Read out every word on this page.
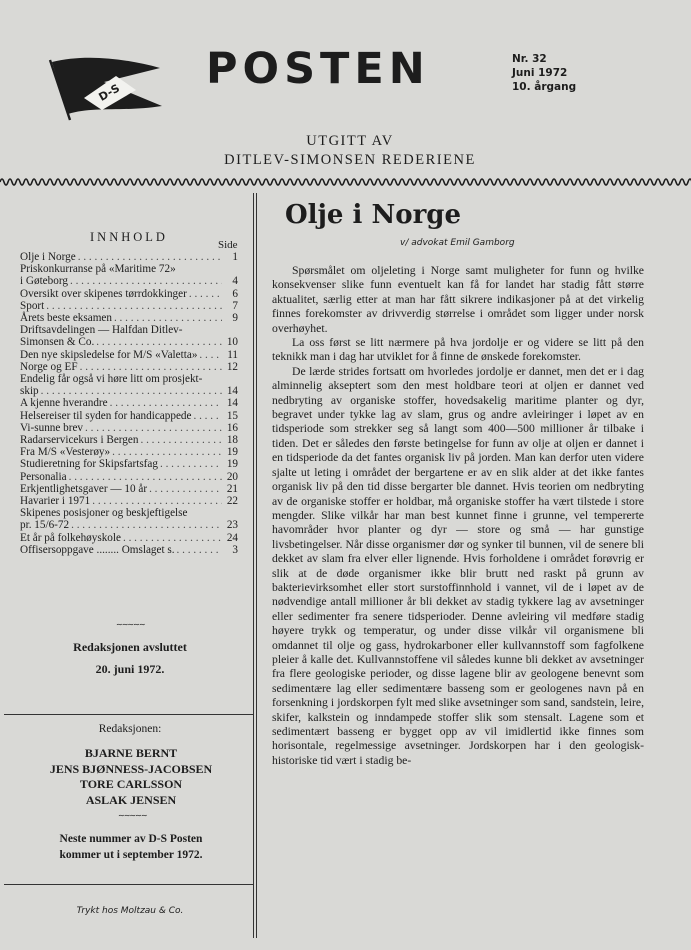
D-S POSTEN	Nr. 32
Juni 1972
10. årgang
UTGITT AV
DITLEV-SIMONSEN REDERIENE
INNHOLD
Side
Olje i Norge . . .	1
Priskonkurranse på «Maritime 72»
i Gøteborg . . .	4
Oversikt over skipenes tørrdokkinger . . .	6
Sport . . .	7
Årets beste eksamen . . .	9
Driftsavdelingen — Halfdan Ditlev-
Simonsen & Co. . . .	10
Den nye skipsledelse for M/S «Valetta» . . .	11
Norge og EF . . .	12
Endelig får også vi høre litt om prosjekt-
skip . . .	14
A kjenne hverandre . . .	14
Helsereiser til syden for handicappede . . .	15
Vi-sunne brev . . .	16
Radarservicekurs i Bergen . . .	18
Fra M/S «Vesterøy» . . .	19
Studieretning for Skipsfartsfag . . .	19
Personalia . . .	20
Erkjentlighetsgaver — 10 år . . .	21
Havarier i 1971 . . .	22
Skipenes posisjoner og beskjeftigelse
pr. 15/6-72 . . .	23
Et år på folkehøyskole . . .	24
Offisersoppgave ........ Omslaget s. . . .	3
∼∼∼∼∼
Redaksjonen avsluttet
20. juni 1972.
Redaksjonen:
BJARNE BERNT
JENS BJØNNESS-JACOBSEN
TORE CARLSSON
ASLAK JENSEN
∼∼∼∼∼
Neste nummer av D-S Posten
kommer ut i september 1972.
Trykt hos Moltzau & Co.
Olje i Norge
v/ advokat Emil Gamborg

Spørsmålet om oljeleting i Norge samt muligheter for funn og hvilke konsekvenser slike funn eventuelt kan få for landet har stadig fått større aktualitet, særlig etter at man har fått sikrere indikasjoner på at det virkelig finnes forekomster av drivverdig størrelse i området som ligger under norsk overhøyhet.

La oss først se litt nærmere på hva jordolje er og videre se litt på den teknikk man i dag har utviklet for å finne de ønskede forekomster.

De lærde strides fortsatt om hvorledes jordolje er dannet, men det er i dag alminnelig akseptert som den mest holdbare teori at oljen er dannet ved nedbryting av organiske stoffer, hovedsakelig maritime planter og dyr, begravet under tykke lag av slam, grus og andre avleiringer i løpet av en tidsperiode som strekker seg så langt som 400—500 millioner år tilbake i tiden. Det er således den første betingelse for funn av olje at oljen er dannet i en tidsperiode da det fantes organisk liv på jorden. Man kan derfor uten videre sjalte ut leting i området der bergartene er av en slik alder at det ikke fantes organisk liv på den tid disse bergarter ble dannet. Hvis teorien om nedbryting av de organiske stoffer er holdbar, må organiske stoffer ha vært tilstede i store mengder. Slike vilkår har man best kunnet finne i grunne, vel tempererte havområder hvor planter og dyr — store og små — har gunstige livsbetingelser. Når disse organismer dør og synker til bunnen, vil de senere bli dekket av slam fra elver eller lignende. Hvis forholdene i området forøvrig er slik at de døde organismer ikke blir brutt ned raskt på grunn av bakterievirksomhet eller stort surstoffinnhold i vannet, vil de i løpet av de nødvendige antall millioner år bli dekket av stadig tykkere lag av avsetninger eller sedimenter fra senere tidsperioder. Denne avleiring vil medføre stadig høyere trykk og temperatur, og under disse vilkår vil organismene bli omdannet til olje og gass, hydrokarboner eller kullvannstoff som fagfolkene pleier å kalle det. Kullvannstoffene vil således kunne bli dekket av avsetninger fra flere geologiske perioder, og disse lagene blir av geologene benevnt som sedimentære lag eller sedimentære basseng som er geologenes navn på en forsenkning i jordskorpen fylt med slike avsetninger som sand, sandstein, leire, skifer, kalkstein og inndampede stoffer slik som stensalt. Lagene som et sedimentært basseng er bygget opp av vil imidlertid ikke finnes som horisontale, regelmessige avsetninger. Jordskorpen har i den geologisk-historiske tid vært i stadig be-
